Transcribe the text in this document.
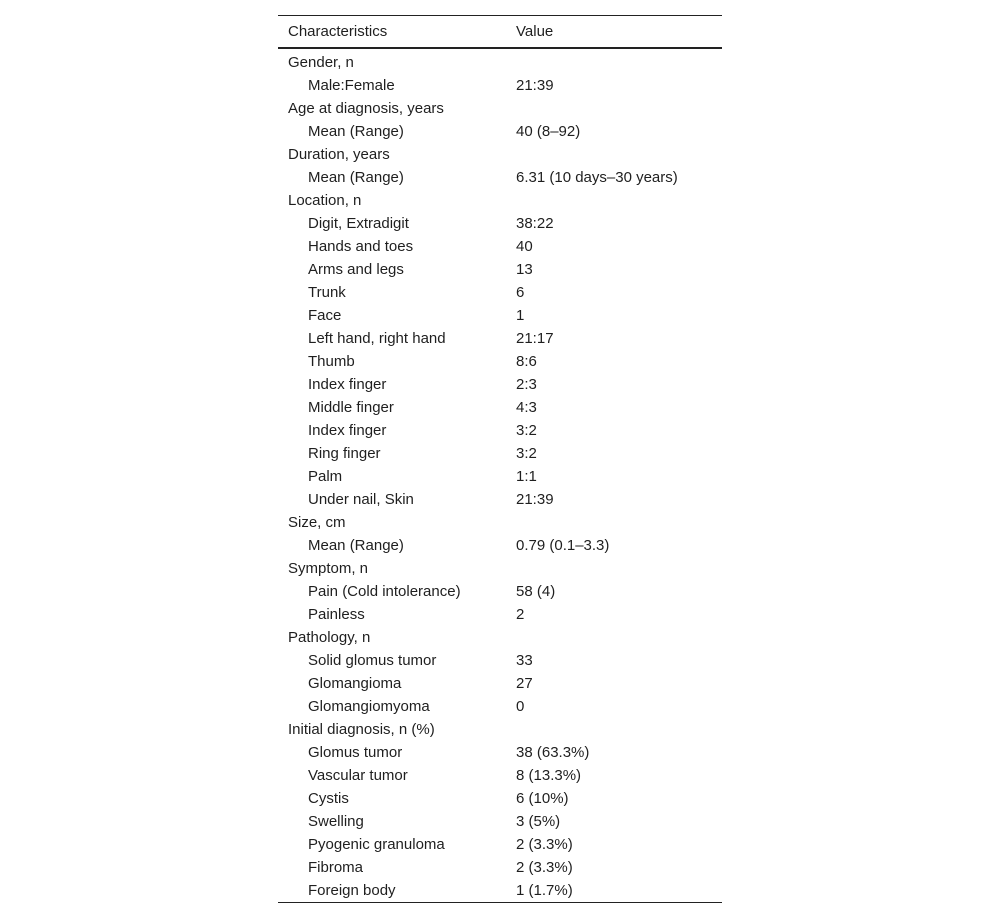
Characteristics	Value
Gender, n	
Male:Female	21:39
Age at diagnosis, years	
Mean (Range)	40 (8–92)
Duration, years	
Mean (Range)	6.31 (10 days–30 years)
Location, n	
Digit, Extradigit	38:22
Hands and toes	40
Arms and legs	13
Trunk	6
Face	1
Left hand, right hand	21:17
Thumb	8:6
Index finger	2:3
Middle finger	4:3
Index finger	3:2
Ring finger	3:2
Palm	1:1
Under nail, Skin	21:39
Size, cm	
Mean (Range)	0.79 (0.1–3.3)
Symptom, n	
Pain (Cold intolerance)	58 (4)
Painless	2
Pathology, n	
Solid glomus tumor	33
Glomangioma	27
Glomangiomyoma	0
Initial diagnosis, n (%)	
Glomus tumor	38 (63.3%)
Vascular tumor	8 (13.3%)
Cystis	6 (10%)
Swelling	3 (5%)
Pyogenic granuloma	2 (3.3%)
Fibroma	2 (3.3%)
Foreign body	1 (1.7%)
